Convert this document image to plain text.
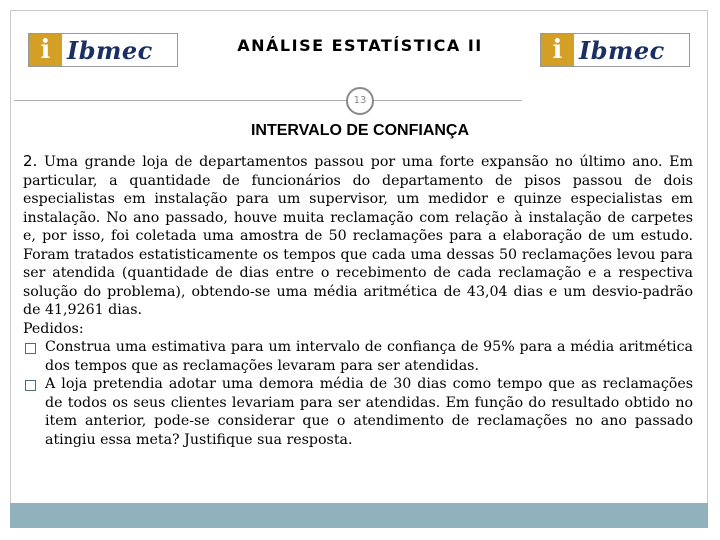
i Ibmec	ANÁLISE ESTATÍSTICA II	i Ibmec
13
INTERVALO DE CONFIANÇA

2. Uma grande loja de departamentos passou por uma forte expansão no último ano. Em particular, a quantidade de funcionários do departamento de pisos passou de dois especialistas em instalação para um supervisor, um medidor e quinze especialistas em instalação. No ano passado, houve muita reclamação com relação à instalação de carpetes e, por isso, foi coletada uma amostra de 50 reclamações para a elaboração de um estudo. Foram tratados estatisticamente os tempos que cada uma dessas 50 reclamações levou para ser atendida (quantidade de dias entre o recebimento de cada reclamação e a respectiva solução do problema), obtendo-se uma média aritmética de 43,04 dias e um desvio-padrão de 41,9261 dias.

Pedidos:

Construa uma estimativa para um intervalo de confiança de 95% para a média aritmética dos tempos que as reclamações levaram para ser atendidas.

A loja pretendia adotar uma demora média de 30 dias como tempo que as reclamações de todos os seus clientes levariam para ser atendidas. Em função do resultado obtido no item anterior, pode-se considerar que o atendimento de reclamações no ano passado atingiu essa meta? Justifique sua resposta.
